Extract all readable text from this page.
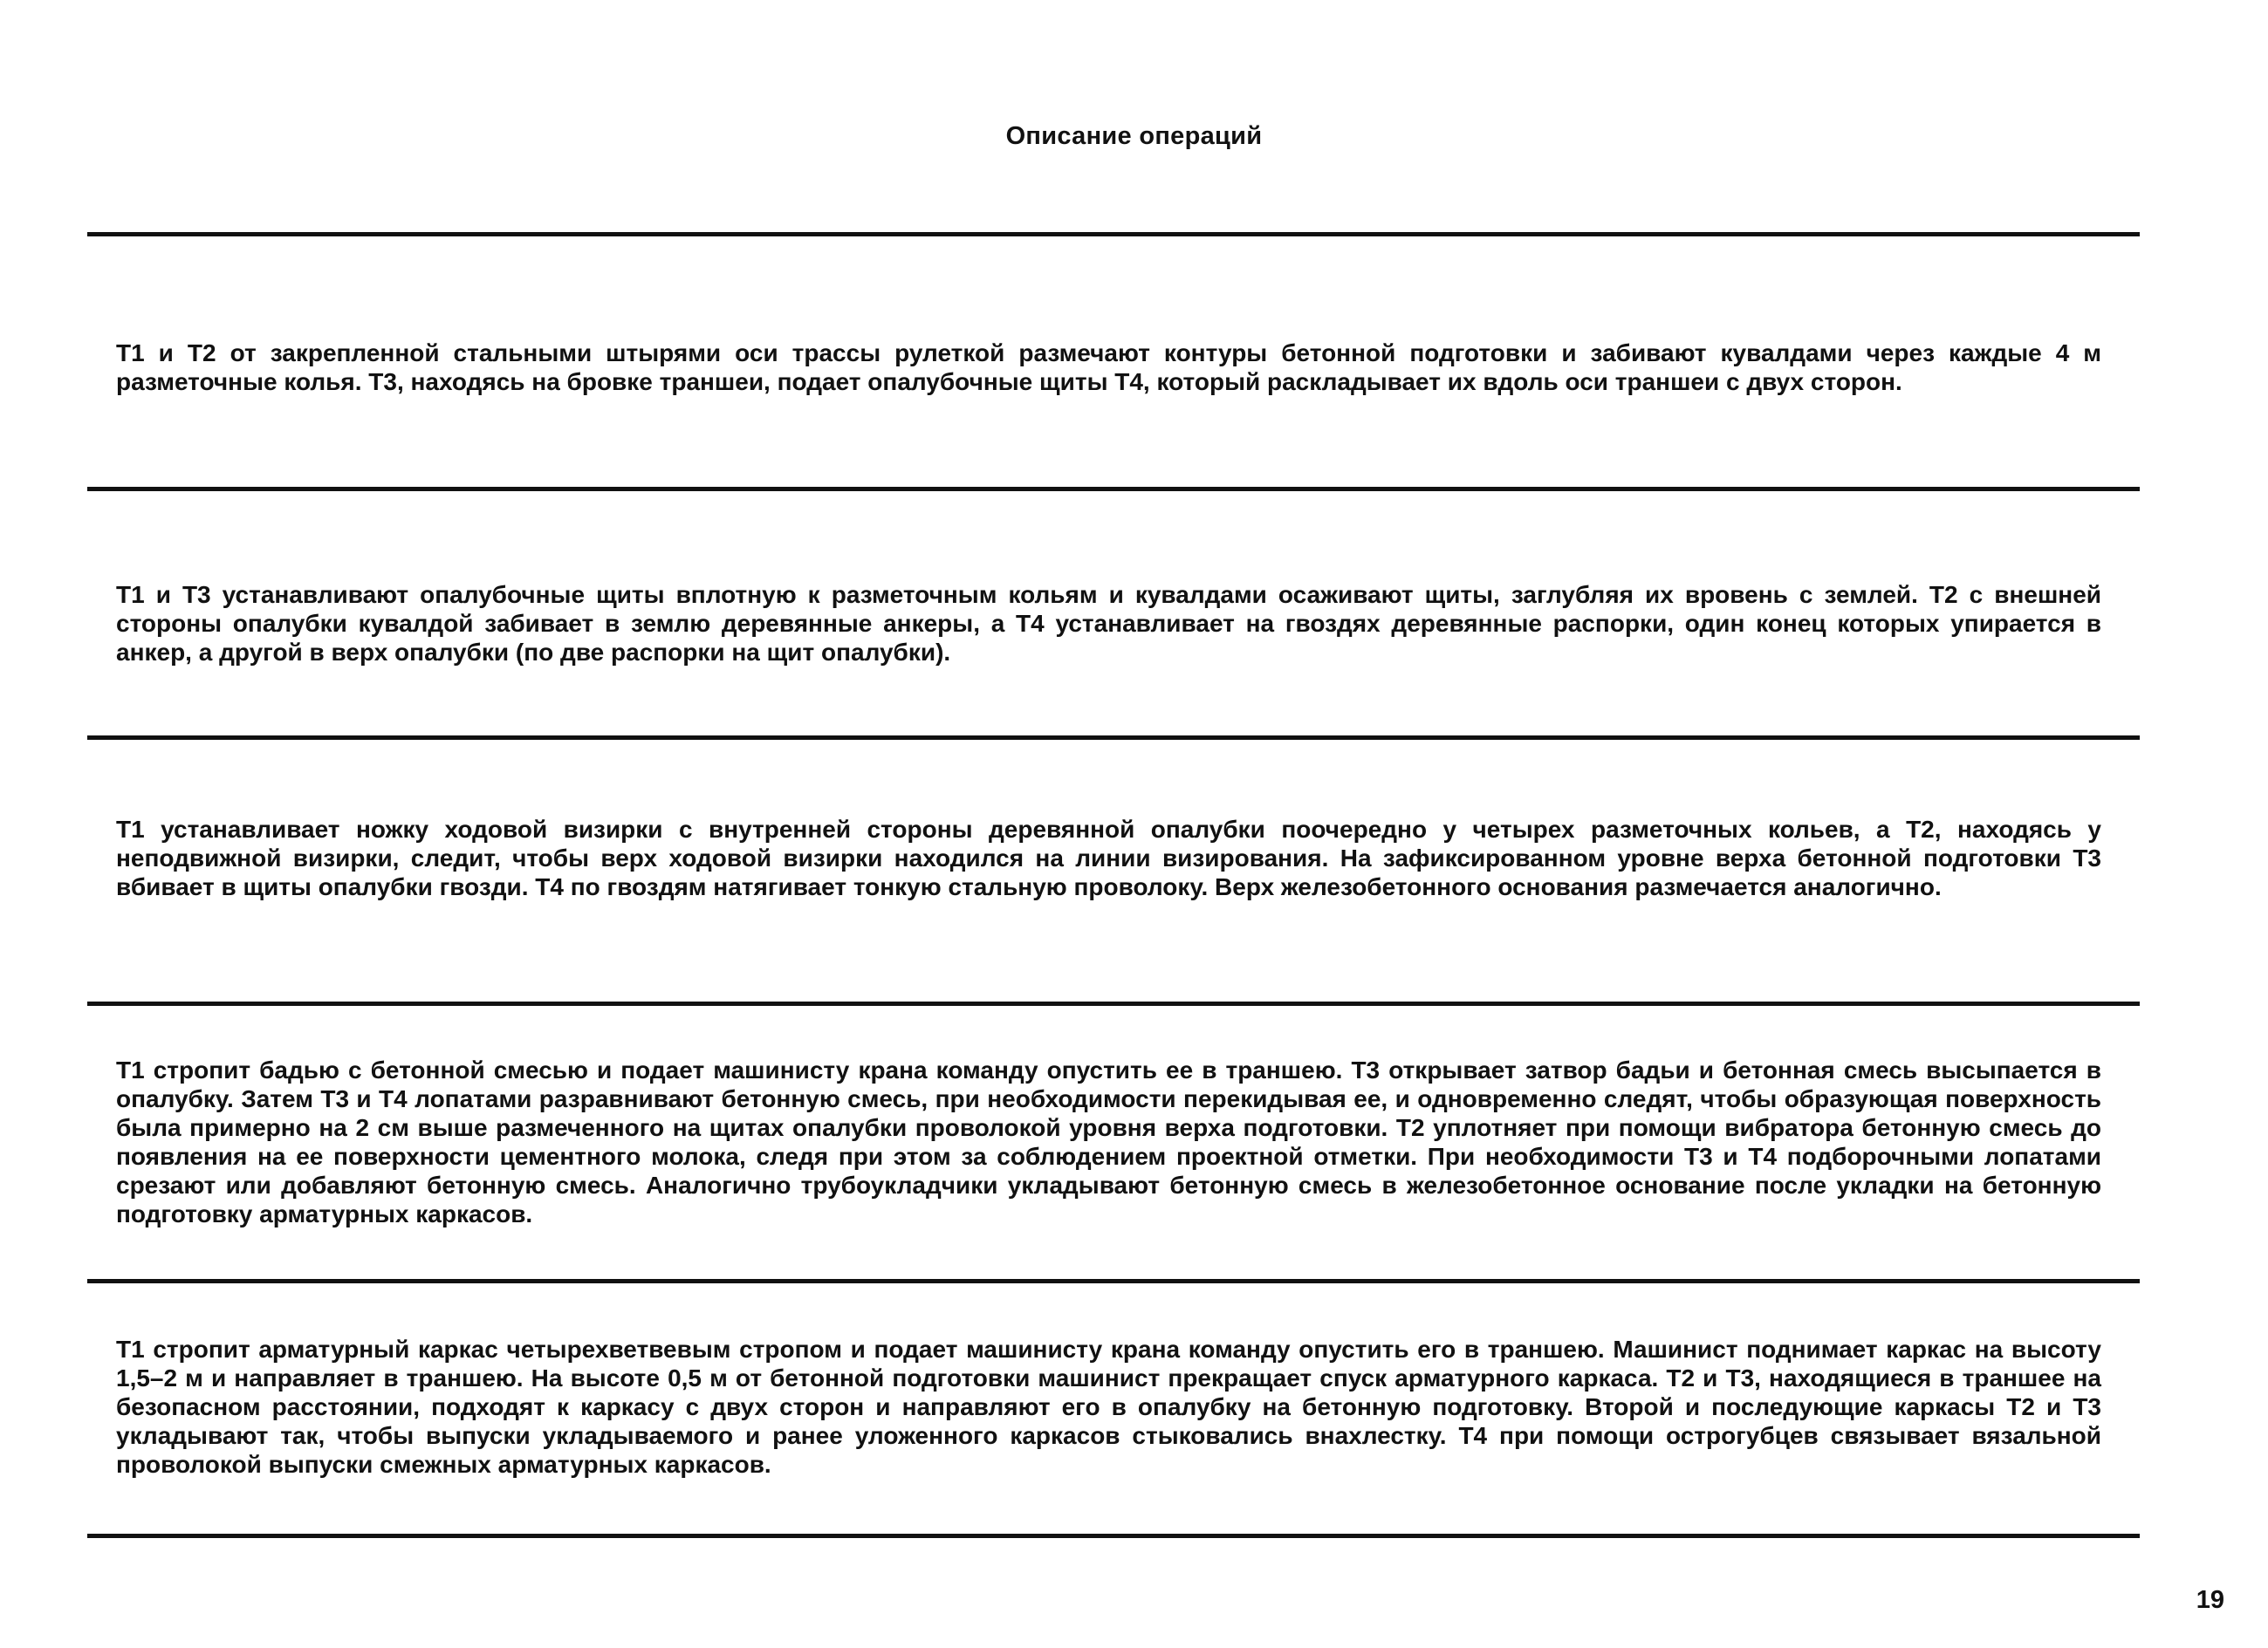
Описание операций

Т1 и Т2 от закрепленной стальными штырями оси трассы рулеткой размечают контуры бетонной подготовки и забивают кувалдами через каждые 4 м разметочные колья. Т3, находясь на бровке траншеи, подает опалубочные щиты Т4, который раскладывает их вдоль оси траншеи с двух сторон.

Т1 и Т3 устанавливают опалубочные щиты вплотную к разметочным кольям и кувалдами осаживают щиты, заглубляя их вровень с землей. Т2 с внешней стороны опалубки кувалдой забивает в землю деревянные анкеры, а Т4 устанавливает на гвоздях деревянные распорки, один конец которых упирается в анкер, а другой в верх опалубки (по две распорки на щит опалубки).

Т1 устанавливает ножку ходовой визирки с внутренней стороны деревянной опалубки поочередно у четырех разметочных кольев, а Т2, находясь у неподвижной визирки, следит, чтобы верх ходовой визирки находился на линии визирования. На зафиксированном уровне верха бетонной подготовки Т3 вбивает в щиты опалубки гвозди. Т4 по гвоздям натягивает тонкую стальную проволоку. Верх железобетонного основания размечается аналогично.

Т1 стропит бадью с бетонной смесью и подает машинисту крана команду опустить ее в траншею. Т3 открывает затвор бадьи и бетонная смесь высыпается в опалубку. Затем Т3 и Т4 лопатами разравнивают бетонную смесь, при необходимости перекидывая ее, и одновременно следят, чтобы образующая поверхность была примерно на 2 см выше размеченного на щитах опалубки проволокой уровня верха подготовки. Т2 уплотняет при помощи вибратора бетонную смесь до появления на ее поверхности цементного молока, следя при этом за соблюдением проектной отметки. При необходимости Т3 и Т4 подборочными лопатами срезают или добавляют бетонную смесь. Аналогично трубоукладчики укладывают бетонную смесь в железобетонное основание после укладки на бетонную подготовку арматурных каркасов.

Т1 стропит арматурный каркас четырехветвевым стропом и подает машинисту крана команду опустить его в траншею. Машинист поднимает каркас на высоту 1,5–2 м и направляет в траншею. На высоте 0,5 м от бетонной подготовки машинист прекращает спуск арматурного каркаса. Т2 и Т3, находящиеся в траншее на безопасном расстоянии, подходят к каркасу с двух сторон и направляют его в опалубку на бетонную подготовку. Второй и последующие каркасы Т2 и Т3 укладывают так, чтобы выпуски укладываемого и ранее уложенного каркасов стыковались внахлестку. Т4 при помощи острогубцев связывает вязальной проволокой выпуски смежных арматурных каркасов.

19
